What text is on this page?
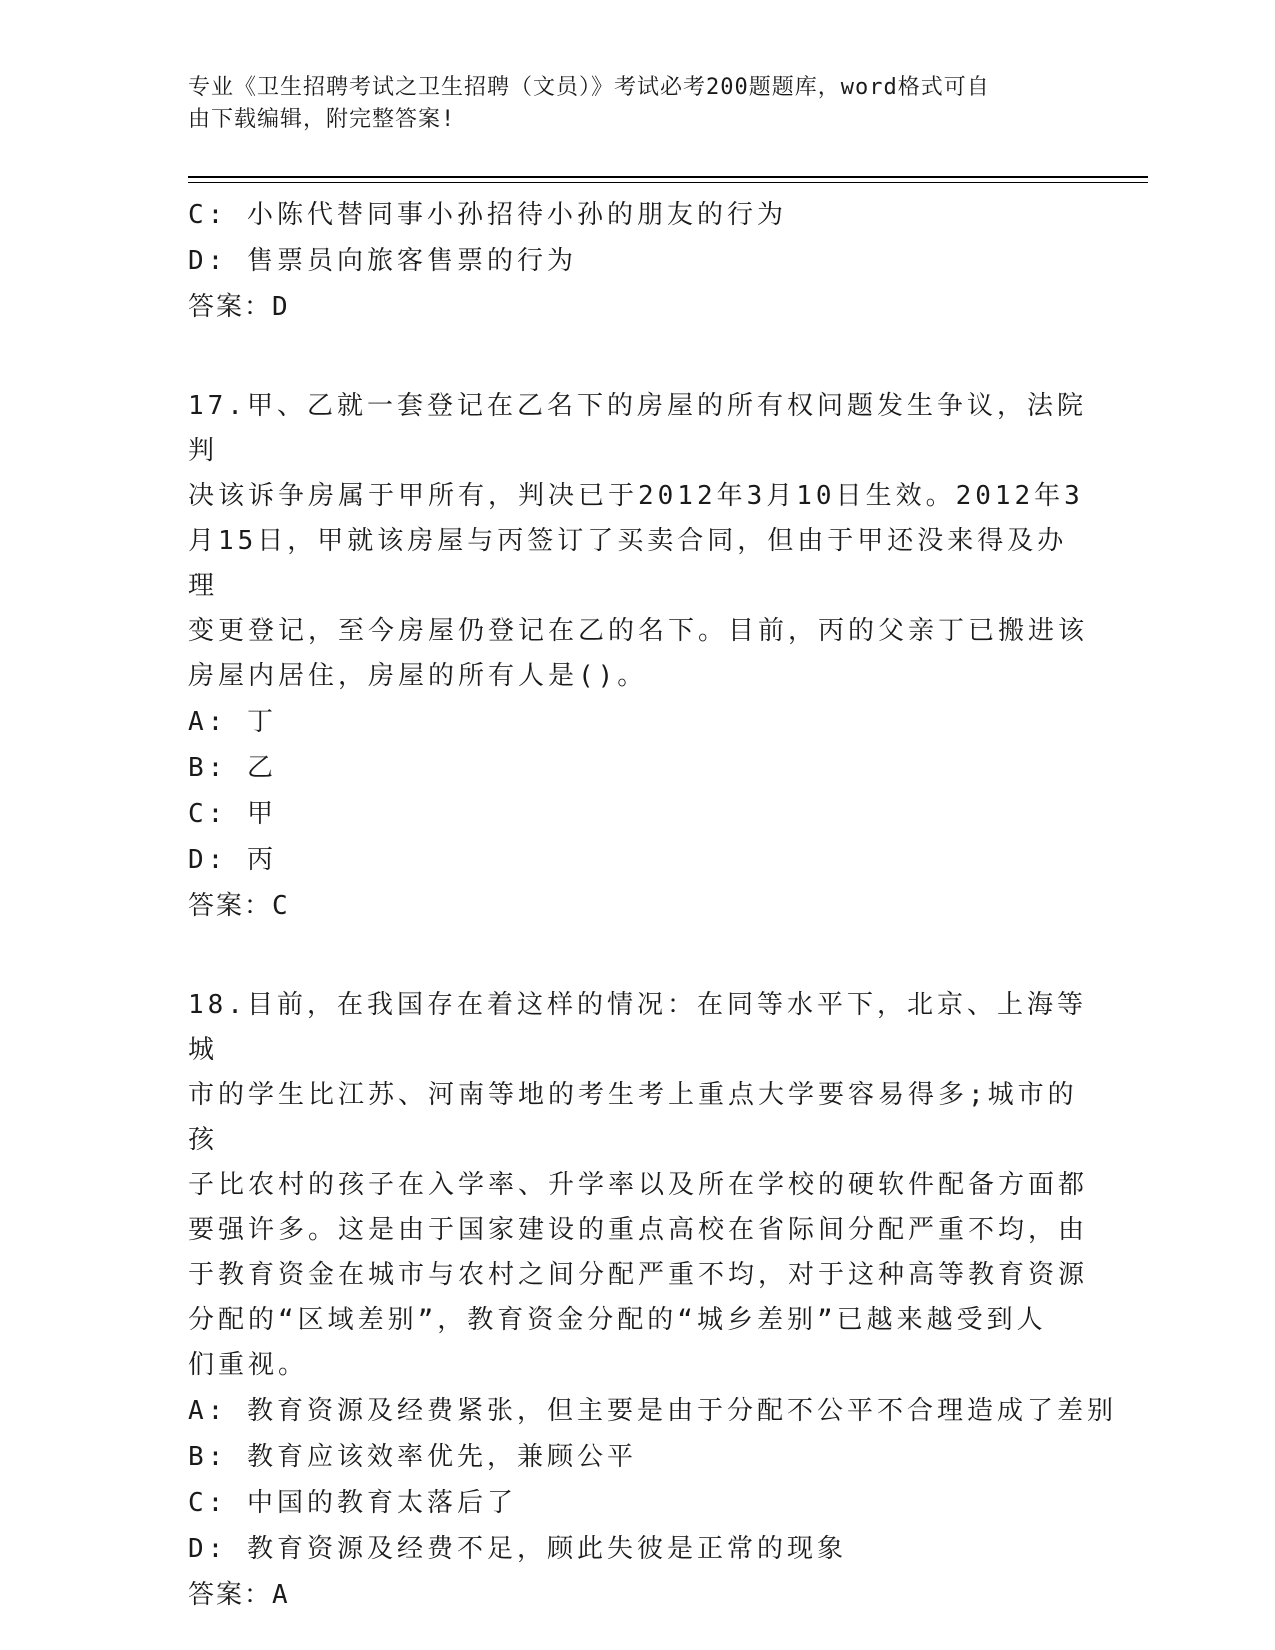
专业《卫生招聘考试之卫生招聘（文员）》考试必考200题题库，word格式可自

由下载编辑，附完整答案!

C: 小陈代替同事小孙招待小孙的朋友的行为

D: 售票员向旅客售票的行为

答案：D

17.甲、乙就一套登记在乙名下的房屋的所有权问题发生争议，法院判

决该诉争房属于甲所有，判决已于2012年3月10日生效。2012年3

月15日，甲就该房屋与丙签订了买卖合同，但由于甲还没来得及办理

变更登记，至今房屋仍登记在乙的名下。目前，丙的父亲丁已搬进该

房屋内居住，房屋的所有人是()。

A: 丁

B: 乙

C: 甲

D: 丙

答案：C

18.目前，在我国存在着这样的情况：在同等水平下，北京、上海等城

市的学生比江苏、河南等地的考生考上重点大学要容易得多;城市的孩

子比农村的孩子在入学率、升学率以及所在学校的硬软件配备方面都

要强许多。这是由于国家建设的重点高校在省际间分配严重不均，由

于教育资金在城市与农村之间分配严重不均，对于这种高等教育资源

分配的“区域差别”，教育资金分配的“城乡差别”已越来越受到人

们重视。

A: 教育资源及经费紧张，但主要是由于分配不公平不合理造成了差别

B: 教育应该效率优先，兼顾公平

C: 中国的教育太落后了

D: 教育资源及经费不足，顾此失彼是正常的现象

答案：A
